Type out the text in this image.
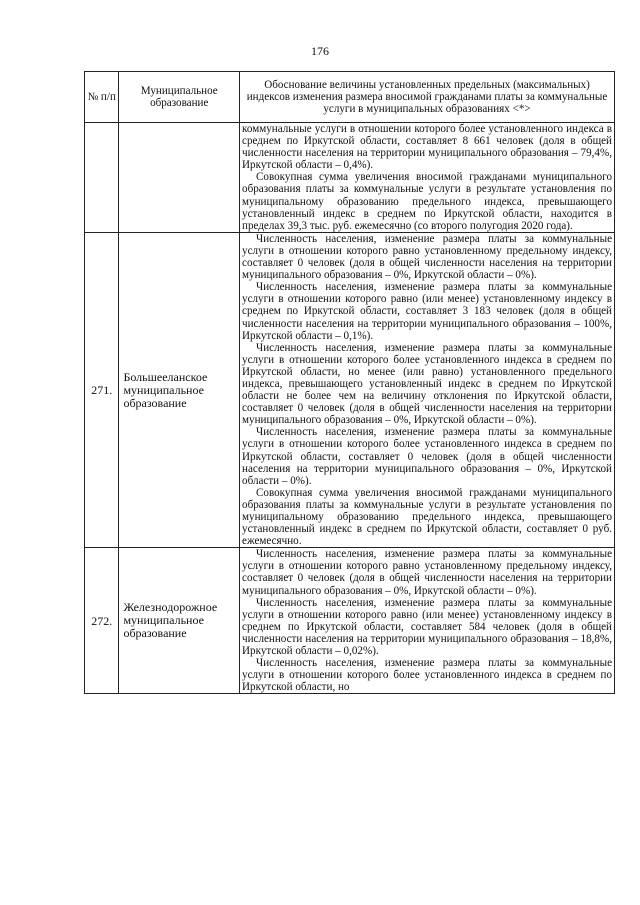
176
№ п/п	Муниципальное образование	Обоснование величины установленных предельных (максимальных) индексов изменения размера вносимой гражданами платы за коммунальные услуги в муниципальных образованиях <*>

		коммунальные услуги в отношении которого более установленного индекса в среднем по Иркутской области, составляет 8 661 человек (доля в общей численности населения на территории муниципального образования – 79,4%, Иркутской области – 0,4%).

Совокупная сумма увеличения вносимой гражданами муниципального образования платы за коммунальные услуги в результате установления по муниципальному образованию предельного индекса, превышающего установленный индекс в среднем по Иркутской области, находится в пределах 39,3 тыс. руб. ежемесячно (со второго полугодия 2020 года).

271.	Большееланское муниципальное образование	Численность населения, изменение размера платы за коммунальные услуги в отношении которого равно установленному предельному индексу, составляет 0 человек (доля в общей численности населения на территории муниципального образования – 0%, Иркутской области – 0%).

Численность населения, изменение размера платы за коммунальные услуги в отношении которого равно (или менее) установленному индексу в среднем по Иркутской области, составляет 3 183 человек (доля в общей численности населения на территории муниципального образования – 100%, Иркутской области – 0,1%).

Численность населения, изменение размера платы за коммунальные услуги в отношении которого более установленного индекса в среднем по Иркутской области, но менее (или равно) установленного предельного индекса, превышающего установленный индекс в среднем по Иркутской области не более чем на величину отклонения по Иркутской области, составляет 0 человек (доля в общей численности населения на территории муниципального образования – 0%, Иркутской области – 0%).

Численность населения, изменение размера платы за коммунальные услуги в отношении которого более установленного индекса в среднем по Иркутской области, составляет 0 человек (доля в общей численности населения на территории муниципального образования – 0%, Иркутской области – 0%).

Совокупная сумма увеличения вносимой гражданами муниципального образования платы за коммунальные услуги в результате установления по муниципальному образованию предельного индекса, превышающего установленный индекс в среднем по Иркутской области, составляет 0 руб. ежемесячно.

272.	Железнодорожное муниципальное образование	Численность населения, изменение размера платы за коммунальные услуги в отношении которого равно установленному предельному индексу, составляет 0 человек (доля в общей численности населения на территории муниципального образования – 0%, Иркутской области – 0%).

Численность населения, изменение размера платы за коммунальные услуги в отношении которого равно (или менее) установленному индексу в среднем по Иркутской области, составляет 584 человек (доля в общей численности населения на территории муниципального образования – 18,8%, Иркутской области – 0,02%).

Численность населения, изменение размера платы за коммунальные услуги в отношении которого более установленного индекса в среднем по Иркутской области, но
